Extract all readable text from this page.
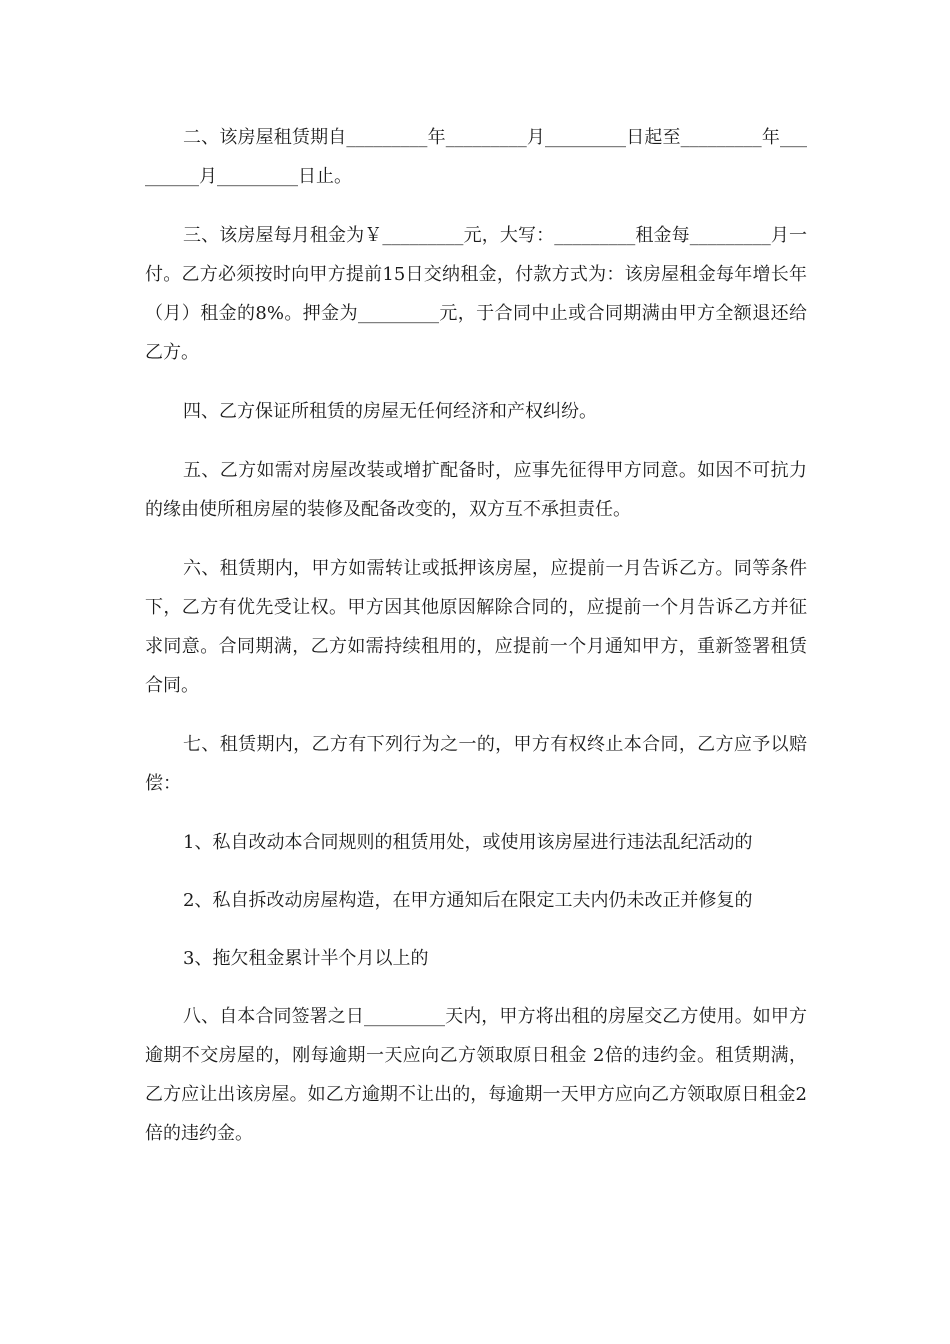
二、该房屋租赁期自_________年_________月_________日起至_________年_________月_________日止。

三、该房屋每月租金为￥_________元，大写：_________租金每_________月一付。乙方必须按时向甲方提前15日交纳租金，付款方式为：该房屋租金每年增长年（月）租金的8%。押金为_________元，于合同中止或合同期满由甲方全额退还给乙方。

四、乙方保证所租赁的房屋无任何经济和产权纠纷。

五、乙方如需对房屋改装或增扩配备时，应事先征得甲方同意。如因不可抗力的缘由使所租房屋的装修及配备改变的，双方互不承担责任。

六、租赁期内，甲方如需转让或抵押该房屋，应提前一月告诉乙方。同等条件下，乙方有优先受让权。甲方因其他原因解除合同的，应提前一个月告诉乙方并征求同意。合同期满，乙方如需持续租用的，应提前一个月通知甲方，重新签署租赁合同。

七、租赁期内，乙方有下列行为之一的，甲方有权终止本合同，乙方应予以赔偿：

1、私自改动本合同规则的租赁用处，或使用该房屋进行违法乱纪活动的

2、私自拆改动房屋构造，在甲方通知后在限定工夫内仍未改正并修复的

3、拖欠租金累计半个月以上的

八、自本合同签署之日_________天内，甲方将出租的房屋交乙方使用。如甲方逾期不交房屋的，刚每逾期一天应向乙方领取原日租金 2倍的违约金。租赁期满，乙方应让出该房屋。如乙方逾期不让出的，每逾期一天甲方应向乙方领取原日租金2倍的违约金。
